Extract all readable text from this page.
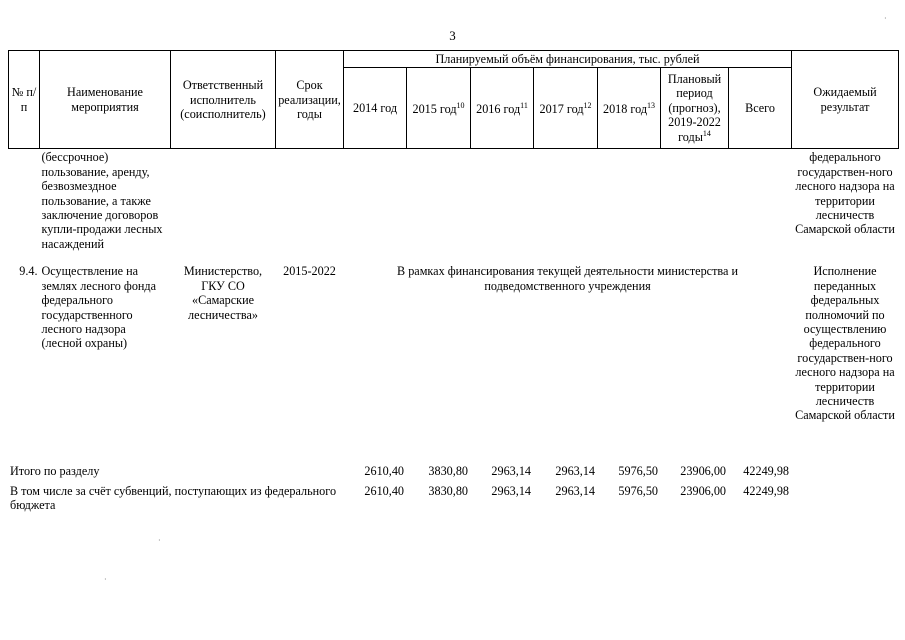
3
№ п/п	Наименование мероприятия	Ответственный исполнитель (соисполнитель)	Срок реализации, годы	Планируемый объём финансирования, тыс. рублей							Ожидаемый результат
				2014 год	2015 год$^{10}$	2016 год$^{11}$	2017 год$^{12}$	2018 год$^{13}$	Плановый период (прогноз), 2019-2022 годы$^{14}$	Всего	
	(бессрочное) пользование, аренду, безвозмездное пользование, а также заключение договоров купли-продажи лесных насаждений										федерального государствен-ного лесного надзора на территории лесничеств Самарской области
9.4.	Осуществление на землях лесного фонда федерального государственного лесного надзора (лесной охраны)	Министерство, ГКУ СО «Самарские лесничества»	2015-2022	В рамках финансирования текущей деятельности министерства и подведомственного учреждения							Исполнение переданных федеральных полномочий по осуществлению федерального государствен-ного лесного надзора на территории лесничеств Самарской области
Итого по разделу	2610,40	3830,80	2963,14	2963,14	5976,50	23906,00	42249,98	
В том числе за счёт субвенций, поступающих из федерального бюджета	2610,40	3830,80	2963,14	2963,14	5976,50	23906,00	42249,98	
·
·
·
